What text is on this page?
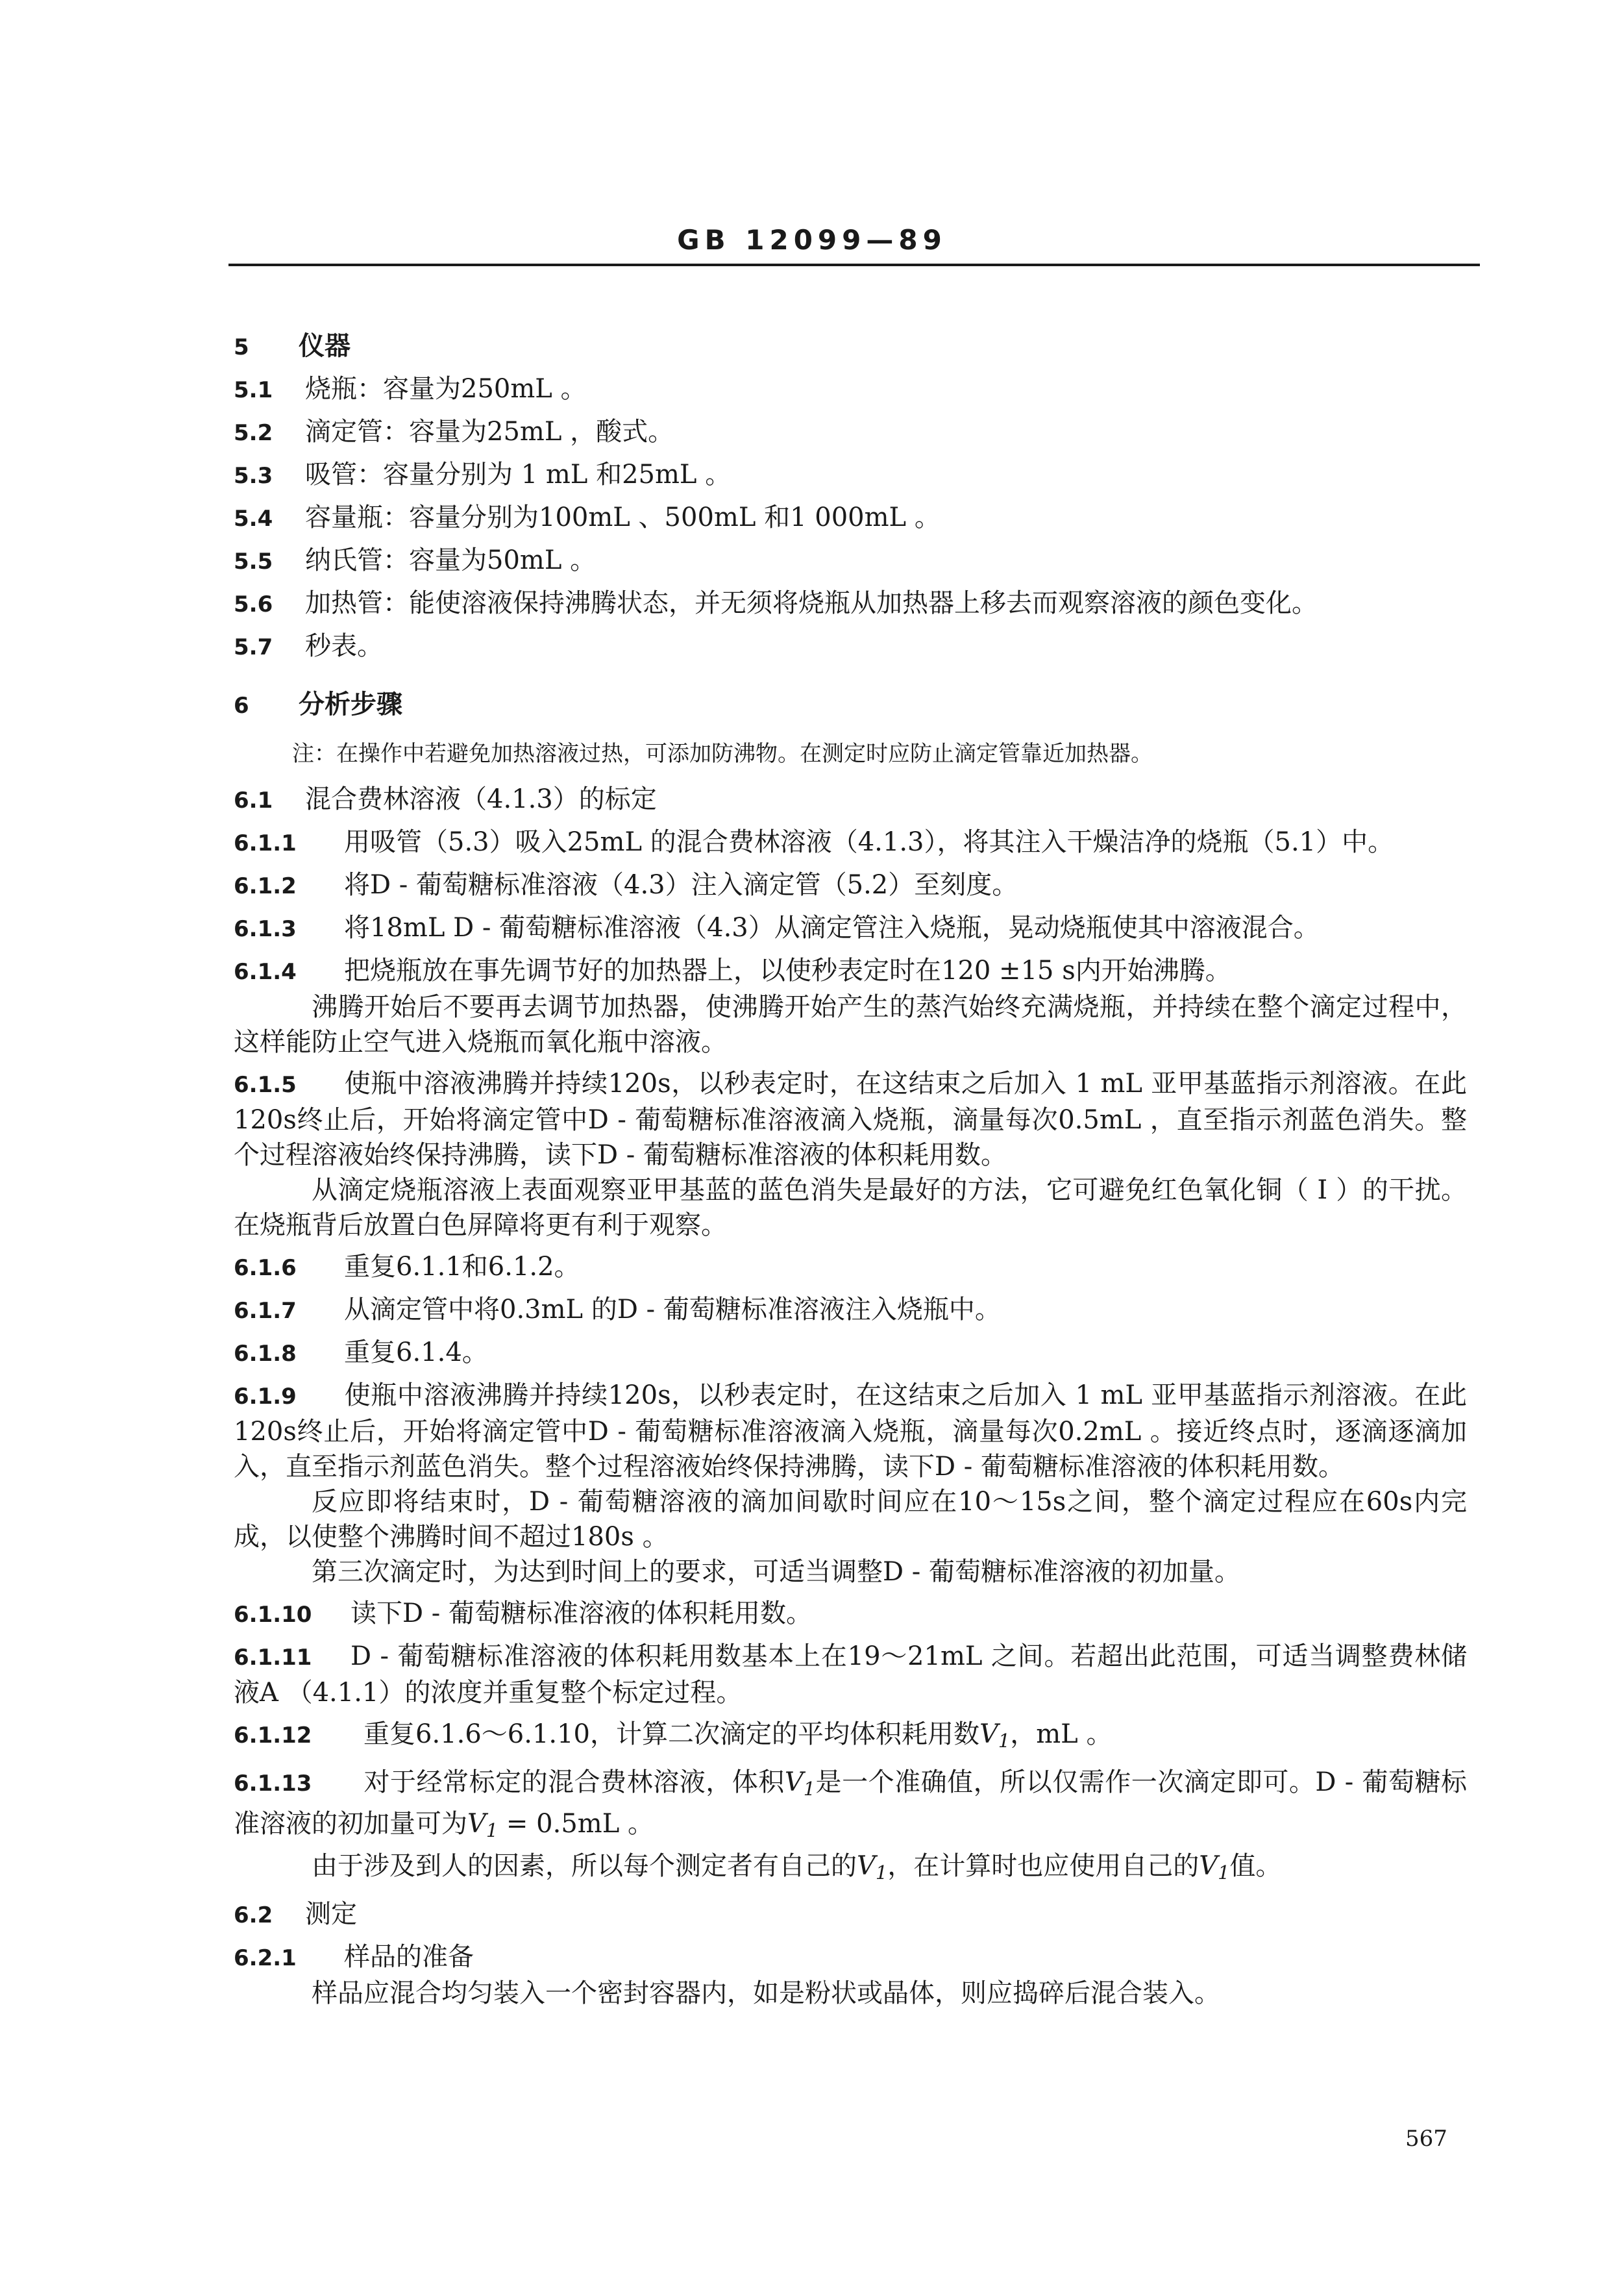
GB 12099—89

5 仪器

5.1 烧瓶：容量为250mL 。

5.2 滴定管：容量为25mL ，酸式。

5.3 吸管：容量分别为 1 mL 和25mL 。

5.4 容量瓶：容量分别为100mL 、500mL 和1 000mL 。

5.5 纳氏管：容量为50mL 。

5.6 加热管：能使溶液保持沸腾状态，并无须将烧瓶从加热器上移去而观察溶液的颜色变化。

5.7 秒表。

6 分析步骤

注：在操作中若避免加热溶液过热，可添加防沸物。在测定时应防止滴定管靠近加热器。

6.1 混合费林溶液（4.1.3）的标定

6.1.1 用吸管（5.3）吸入25mL 的混合费林溶液（4.1.3），将其注入干燥洁净的烧瓶（5.1）中。

6.1.2 将D - 葡萄糖标准溶液（4.3）注入滴定管（5.2）至刻度。

6.1.3 将18mL D - 葡萄糖标准溶液（4.3）从滴定管注入烧瓶，晃动烧瓶使其中溶液混合。

6.1.4 把烧瓶放在事先调节好的加热器上，以使秒表定时在120 ±15 s内开始沸腾。

沸腾开始后不要再去调节加热器，使沸腾开始产生的蒸汽始终充满烧瓶，并持续在整个滴定过程中，这样能防止空气进入烧瓶而氧化瓶中溶液。

6.1.5 使瓶中溶液沸腾并持续120s，以秒表定时，在这结束之后加入 1 mL 亚甲基蓝指示剂溶液。在此120s终止后，开始将滴定管中D - 葡萄糖标准溶液滴入烧瓶，滴量每次0.5mL ，直至指示剂蓝色消失。整个过程溶液始终保持沸腾，读下D - 葡萄糖标准溶液的体积耗用数。

从滴定烧瓶溶液上表面观察亚甲基蓝的蓝色消失是最好的方法，它可避免红色氧化铜（ I ）的干扰。在烧瓶背后放置白色屏障将更有利于观察。

6.1.6 重复6.1.1和6.1.2。

6.1.7 从滴定管中将0.3mL 的D - 葡萄糖标准溶液注入烧瓶中。

6.1.8 重复6.1.4。

6.1.9 使瓶中溶液沸腾并持续120s，以秒表定时，在这结束之后加入 1 mL 亚甲基蓝指示剂溶液。在此120s终止后，开始将滴定管中D - 葡萄糖标准溶液滴入烧瓶，滴量每次0.2mL 。接近终点时，逐滴逐滴加入，直至指示剂蓝色消失。整个过程溶液始终保持沸腾，读下D - 葡萄糖标准溶液的体积耗用数。

反应即将结束时，D - 葡萄糖溶液的滴加间歇时间应在10～15s之间，整个滴定过程应在60s内完成，以使整个沸腾时间不超过180s 。

第三次滴定时，为达到时间上的要求，可适当调整D - 葡萄糖标准溶液的初加量。

6.1.10 读下D - 葡萄糖标准溶液的体积耗用数。

6.1.11 D - 葡萄糖标准溶液的体积耗用数基本上在19～21mL 之间。若超出此范围，可适当调整费林储液A （4.1.1）的浓度并重复整个标定过程。

6.1.12 重复6.1.6～6.1.10，计算二次滴定的平均体积耗用数$V_1$，mL 。

6.1.13 对于经常标定的混合费林溶液，体积$V_1$是一个准确值，所以仅需作一次滴定即可。D - 葡萄糖标准溶液的初加量可为$V_1 = 0.5mL$ 。

由于涉及到人的因素，所以每个测定者有自己的$V_1$，在计算时也应使用自己的$V_1$值。

6.2 测定

6.2.1 样品的准备

样品应混合均匀装入一个密封容器内，如是粉状或晶体，则应捣碎后混合装入。

567
